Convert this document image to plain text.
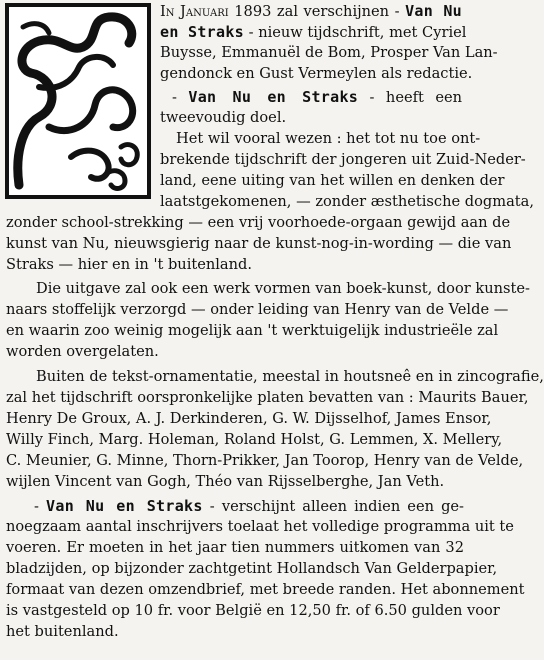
In Januari 1893 zal verschijnen - Van Nu
en Straks - nieuw tijdschrift, met Cyriel
Buysse, Emmanuël de Bom, Prosper Van Lan-
gendonck en Gust Vermeylen als redactie.
- Van Nu en Straks - heeft een
tweevoudig doel.
Het wil vooral wezen : het tot nu toe ont-
brekende tijdschrift der jongeren uit Zuid-Neder-
land, eene uiting van het willen en denken der
laatstgekomenen, — zonder æsthetische dogmata,
zonder school-strekking — een vrij voorhoede-orgaan gewijd aan de
kunst van Nu, nieuwsgierig naar de kunst-nog-in-wording — die van
Straks — hier en in 't buitenland.
Die uitgave zal ook een werk vormen van boek-kunst, door kunste-
naars stoffelijk verzorgd — onder leiding van Henry van de Velde —
en waarin zoo weinig mogelijk aan 't werktuigelijk industrieële zal
worden overgelaten.
Buiten de tekst-ornamentatie, meestal in houtsneê en in zincografie,
zal het tijdschrift oorspronkelijke platen bevatten van : Maurits Bauer,
Henry De Groux, A. J. Derkinderen, G. W. Dijsselhof, James Ensor,
Willy Finch, Marg. Holeman, Roland Holst, G. Lemmen, X. Mellery,
C. Meunier, G. Minne, Thorn-Prikker, Jan Toorop, Henry van de Velde,
wijlen Vincent van Gogh, Théo van Rijsselberghe, Jan Veth.
- Van Nu en Straks - verschijnt alleen indien een ge-
noegzaam aantal inschrijvers toelaat het volledige programma uit te
voeren. Er moeten in het jaar tien nummers uitkomen van 32
bladzijden, op bijzonder zachtgetint Hollandsch Van Gelderpapier,
formaat van dezen omzendbrief, met breede randen. Het abonnement
is vastgesteld op 10 fr. voor België en 12,50 fr. of 6.50 gulden voor
het buitenland.
